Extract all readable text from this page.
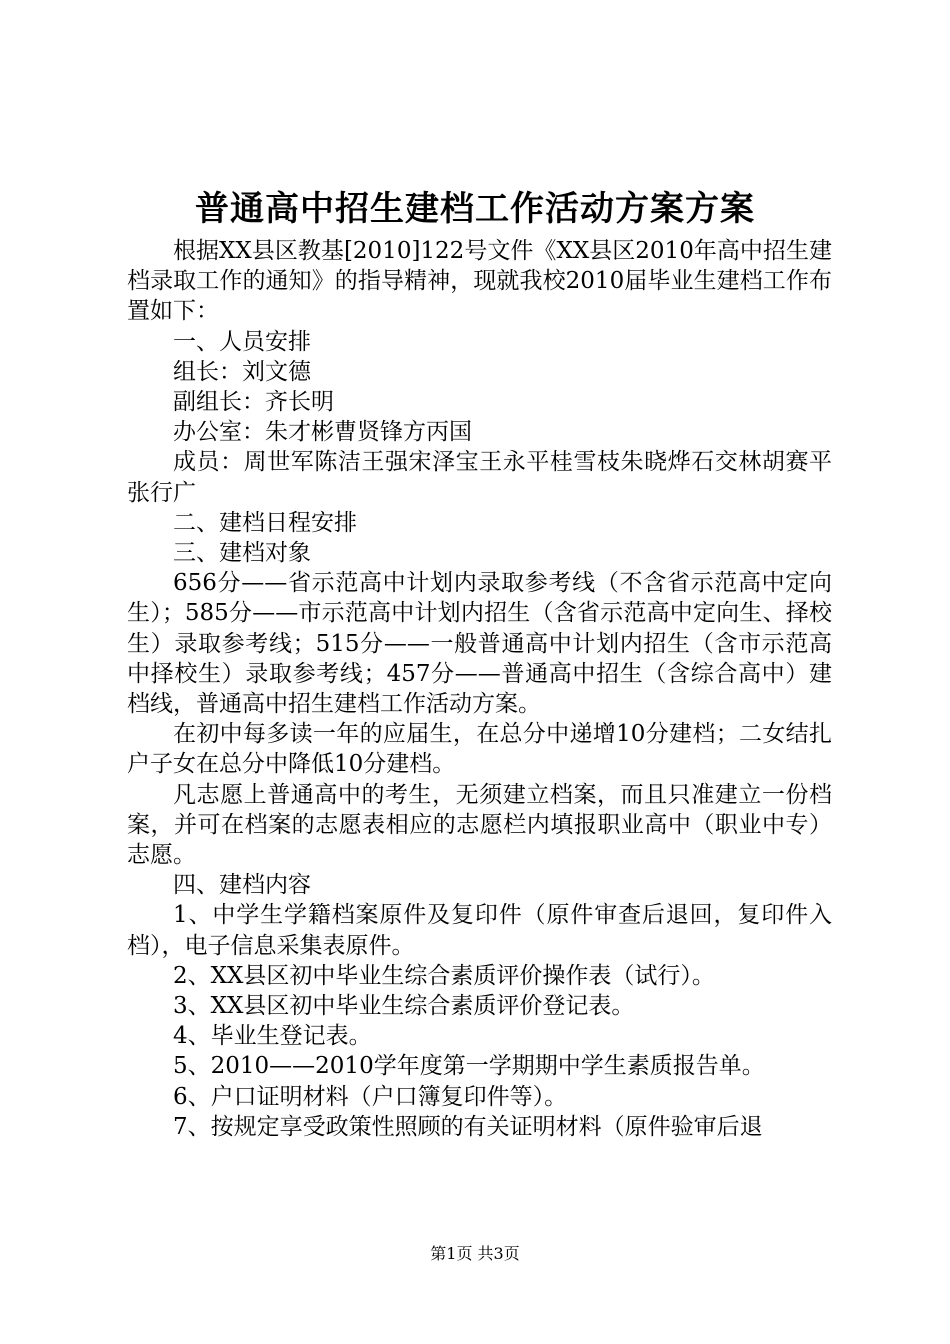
普通高中招生建档工作活动方案方案

根据XX县区教基[2010]122号文件《XX县区2010年高中招生建档录取工作的通知》的指导精神，现就我校2010届毕业生建档工作布置如下：

一、人员安排

组长：刘文德

副组长：齐长明

办公室：朱才彬曹贤锋方丙国

成员：周世军陈洁王强宋泽宝王永平桂雪枝朱晓烨石交林胡赛平张行广

二、建档日程安排

三、建档对象

656分——省示范高中计划内录取参考线（不含省示范高中定向生）；585分——市示范高中计划内招生（含省示范高中定向生、择校生）录取参考线；515分——一般普通高中计划内招生（含市示范高中择校生）录取参考线；457分——普通高中招生（含综合高中）建档线，普通高中招生建档工作活动方案。

在初中每多读一年的应届生，在总分中递增10分建档；二女结扎户子女在总分中降低10分建档。

凡志愿上普通高中的考生，无须建立档案，而且只准建立一份档案，并可在档案的志愿表相应的志愿栏内填报职业高中（职业中专）志愿。

四、建档内容

1、中学生学籍档案原件及复印件（原件审查后退回，复印件入档），电子信息采集表原件。

2、XX县区初中毕业生综合素质评价操作表（试行）。

3、XX县区初中毕业生综合素质评价登记表。

4、毕业生登记表。

5、2010——2010学年度第一学期期中学生素质报告单。

6、户口证明材料（户口簿复印件等）。

7、按规定享受政策性照顾的有关证明材料（原件验审后退

第1页 共3页
